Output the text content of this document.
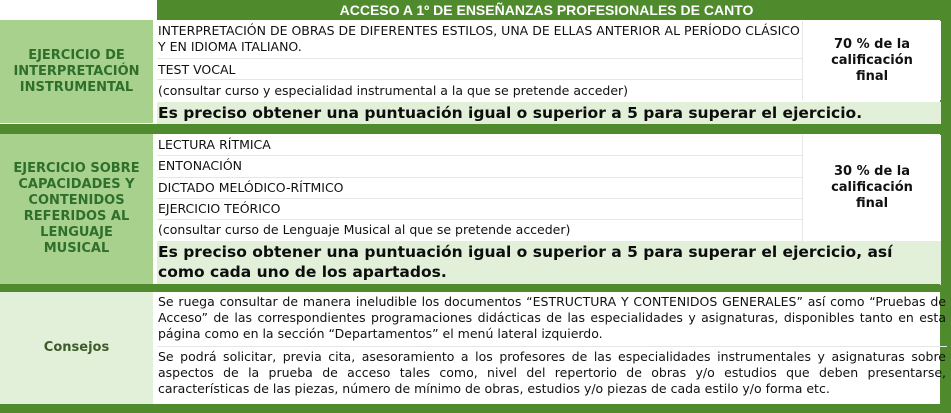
ACCESO A 1º DE ENSEÑANZAS PROFESIONALES DE CANTO
EJERCICIO DE INTERPRETACIÓN INSTRUMENTAL
INTERPRETACIÓN DE OBRAS DE DIFERENTES ESTILOS, UNA DE ELLAS ANTERIOR AL PERÍODO CLÁSICO Y EN IDIOMA ITALIANO.
TEST VOCAL
(consultar curso y especialidad instrumental a la que se pretende acceder)
70 % de la calificación final
Es preciso obtener una puntuación igual o superior a 5 para superar el ejercicio.
EJERCICIO SOBRE CAPACIDADES Y CONTENIDOS REFERIDOS AL LENGUAJE MUSICAL
LECTURA RÍTMICA
ENTONACIÓN
DICTADO MELÓDICO-RÍTMICO
EJERCICIO TEÓRICO
(consultar curso de Lenguaje Musical al que se pretende acceder)
30 % de la calificación final
Es preciso obtener una puntuación igual o superior a 5 para superar el ejercicio, así como cada uno de los apartados.
Consejos
Se ruega consultar de manera ineludible los documentos “ESTRUCTURA Y CONTENIDOS GENERALES” así como “Pruebas de Acceso” de las correspondientes programaciones didácticas de las especialidades y asignaturas, disponibles tanto en esta página como en la sección “Departamentos” el menú lateral izquierdo.
Se podrá solicitar, previa cita, asesoramiento a los profesores de las especialidades instrumentales y asignaturas sobre aspectos de la prueba de acceso tales como, nivel del repertorio de obras y/o estudios que deben presentarse, características de las piezas, número de mínimo de obras, estudios y/o piezas de cada estilo y/o forma etc.
